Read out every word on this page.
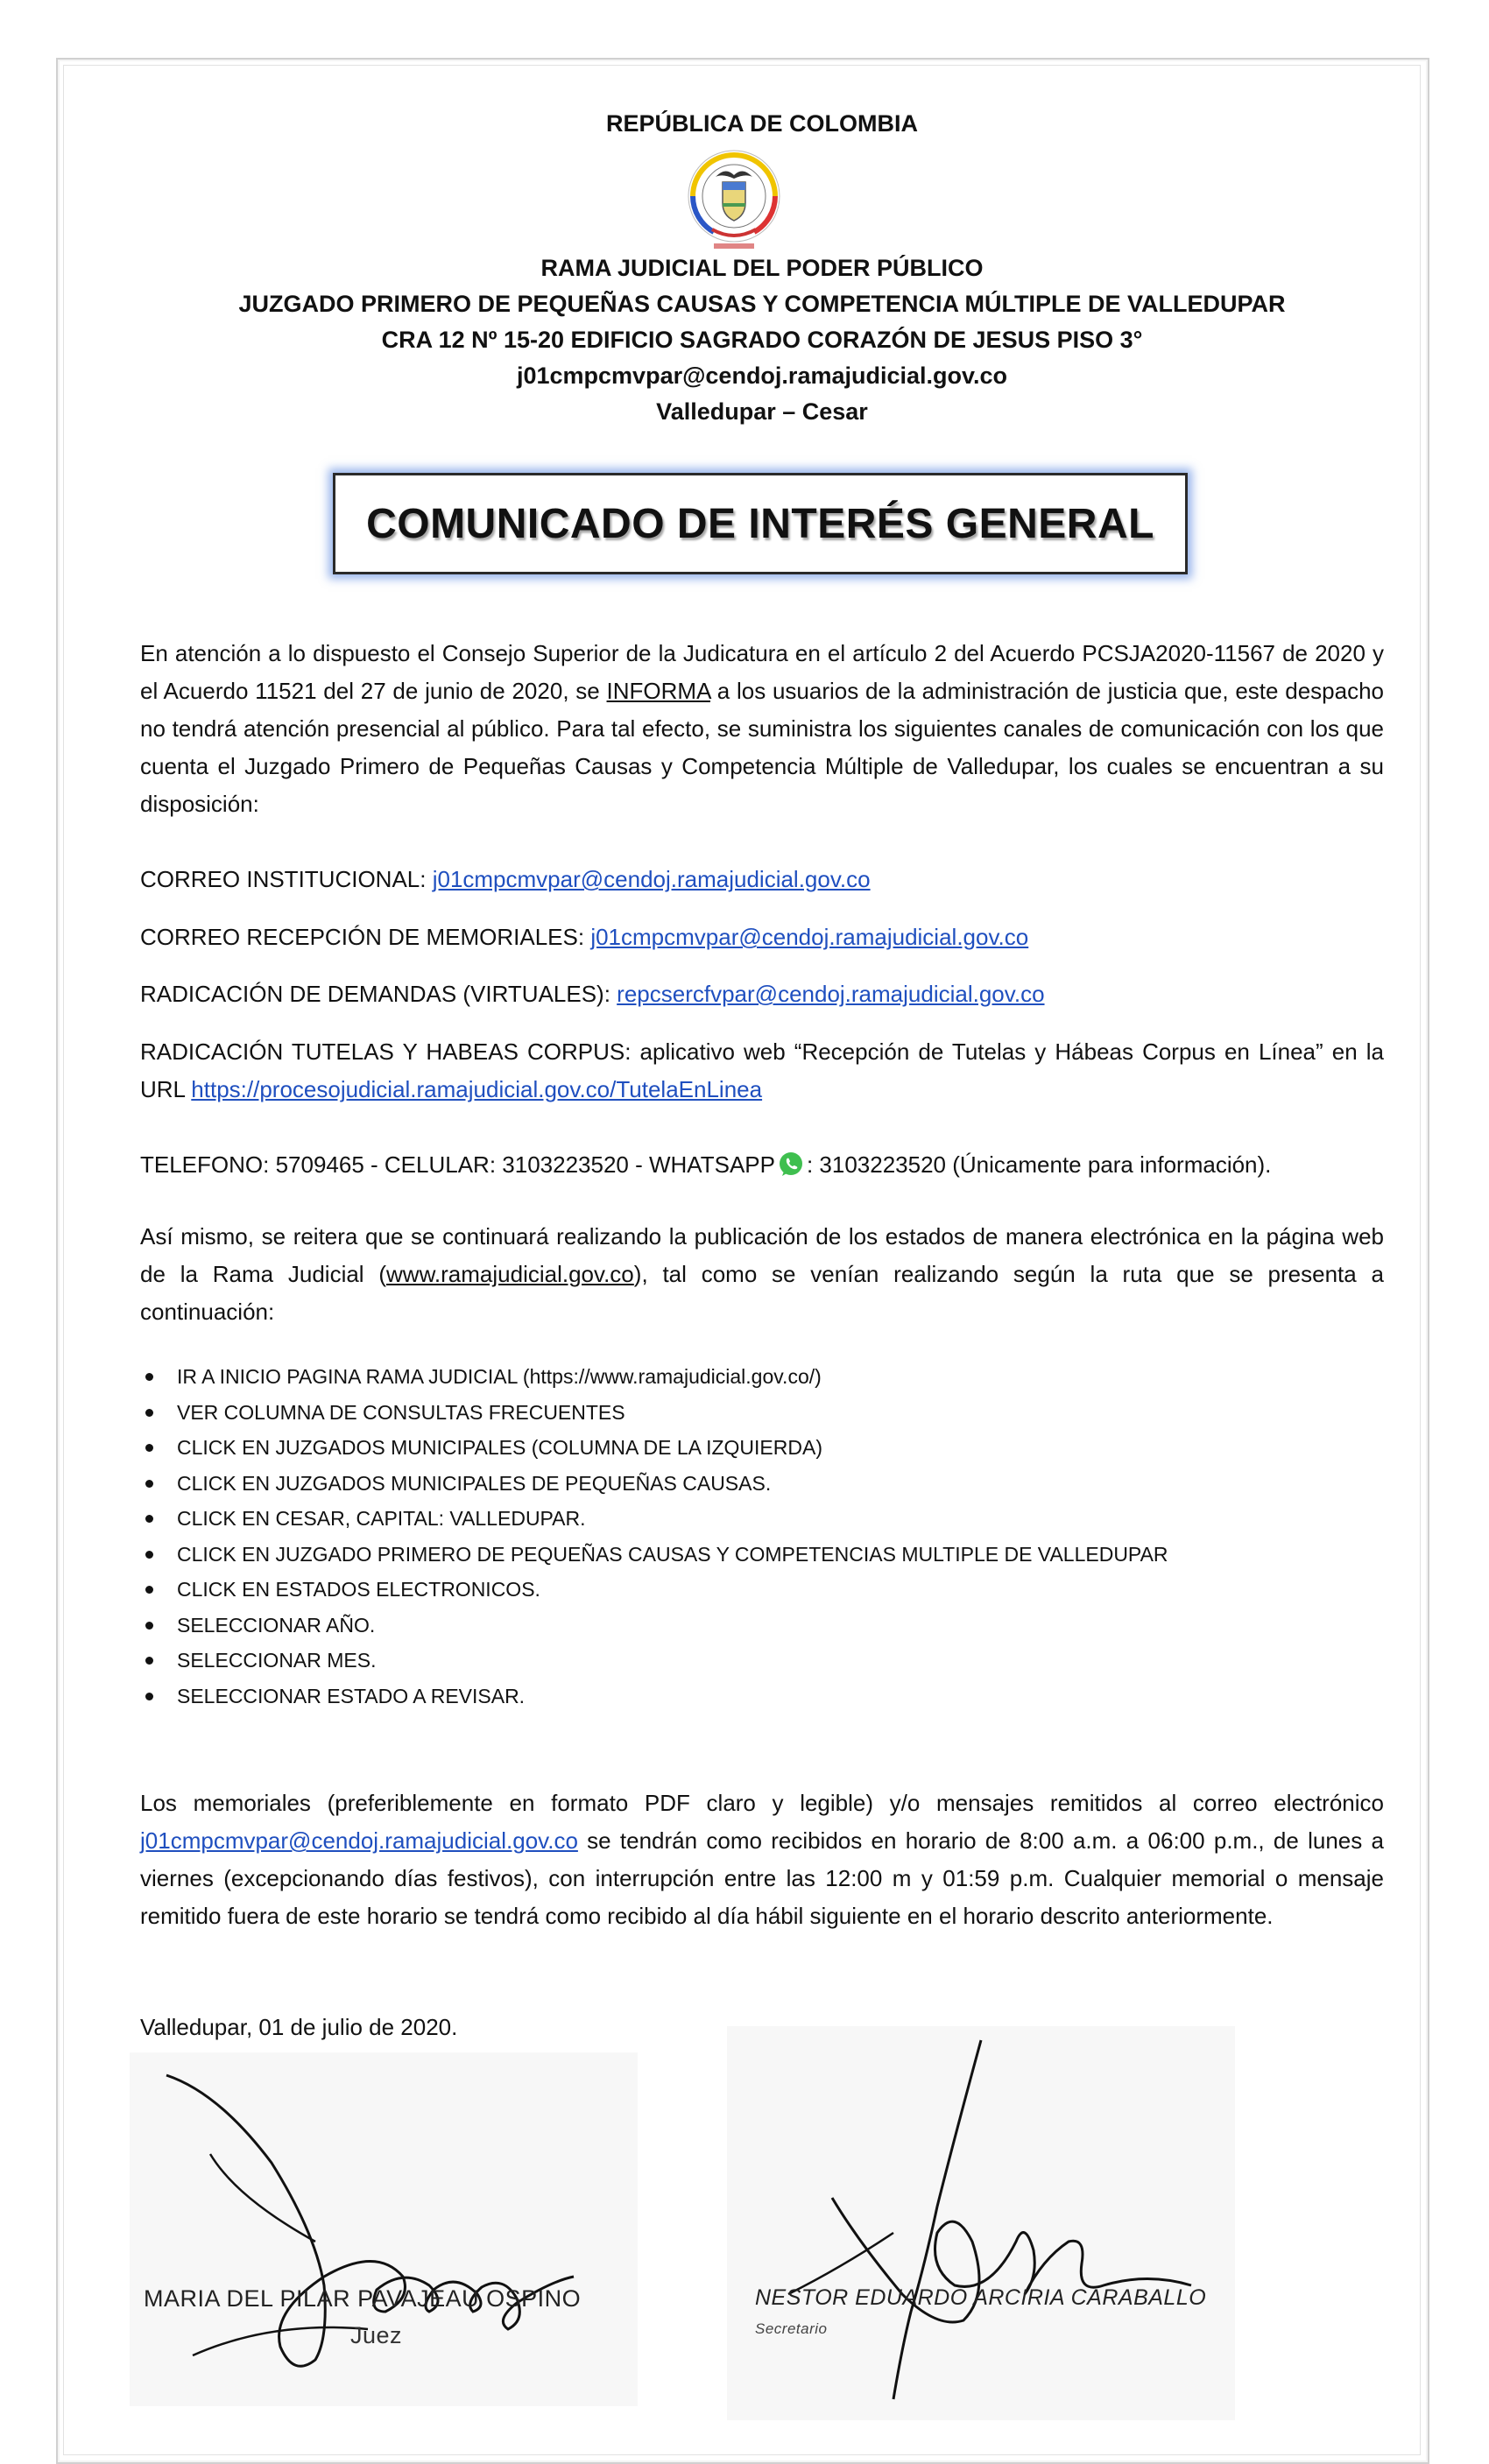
REPÚBLICA DE COLOMBIA
RAMA JUDICIAL DEL PODER PÚBLICO
JUZGADO PRIMERO DE PEQUEÑAS CAUSAS Y COMPETENCIA MÚLTIPLE DE VALLEDUPAR
CRA 12 Nº 15-20 EDIFICIO SAGRADO CORAZÓN DE JESUS PISO 3°
j01cmpcmvpar@cendoj.ramajudicial.gov.co
Valledupar – Cesar
COMUNICADO DE INTERÉS GENERAL
En atención a lo dispuesto el Consejo Superior de la Judicatura en el artículo 2 del Acuerdo PCSJA2020-11567 de 2020 y el Acuerdo 11521 del 27 de junio de 2020, se INFORMA a los usuarios de la administración de justicia que, este despacho no tendrá atención presencial al público. Para tal efecto, se suministra los siguientes canales de comunicación con los que cuenta el Juzgado Primero de Pequeñas Causas y Competencia Múltiple de Valledupar, los cuales se encuentran a su disposición:
CORREO INSTITUCIONAL: j01cmpcmvpar@cendoj.ramajudicial.gov.co
CORREO RECEPCIÓN DE MEMORIALES: j01cmpcmvpar@cendoj.ramajudicial.gov.co
RADICACIÓN DE DEMANDAS (VIRTUALES): repcsercfvpar@cendoj.ramajudicial.gov.co
RADICACIÓN TUTELAS Y HABEAS CORPUS: aplicativo web “Recepción de Tutelas y Hábeas Corpus en Línea” en la URL https://procesojudicial.ramajudicial.gov.co/TutelaEnLinea
TELEFONO: 5709465 - CELULAR: 3103223520 - WHATSAPP : 3103223520 (Únicamente para información).
Así mismo, se reitera que se continuará realizando la publicación de los estados de manera electrónica en la página web de la Rama Judicial (www.ramajudicial.gov.co), tal como se venían realizando según la ruta que se presenta a continuación:
IR A INICIO PAGINA RAMA JUDICIAL (https://www.ramajudicial.gov.co/)
VER COLUMNA DE CONSULTAS FRECUENTES
CLICK EN JUZGADOS MUNICIPALES (COLUMNA DE LA IZQUIERDA)
CLICK EN JUZGADOS MUNICIPALES DE PEQUEÑAS CAUSAS.
CLICK EN CESAR, CAPITAL: VALLEDUPAR.
CLICK EN JUZGADO PRIMERO DE PEQUEÑAS CAUSAS Y COMPETENCIAS MULTIPLE DE VALLEDUPAR
CLICK EN ESTADOS ELECTRONICOS.
SELECCIONAR AÑO.
SELECCIONAR MES.
SELECCIONAR ESTADO A REVISAR.
Los memoriales (preferiblemente en formato PDF claro y legible) y/o mensajes remitidos al correo electrónico j01cmpcmvpar@cendoj.ramajudicial.gov.co se tendrán como recibidos en horario de 8:00 a.m. a 06:00 p.m., de lunes a viernes (excepcionando días festivos), con interrupción entre las 12:00 m y 01:59 p.m. Cualquier memorial o mensaje remitido fuera de este horario se tendrá como recibido al día hábil siguiente en el horario descrito anteriormente.
Valledupar, 01 de julio de 2020.
MARIA DEL PILAR PAVAJEAU OSPINO
Juez
NESTOR EDUARDO ARCIRIA CARABALLO
Secretario
